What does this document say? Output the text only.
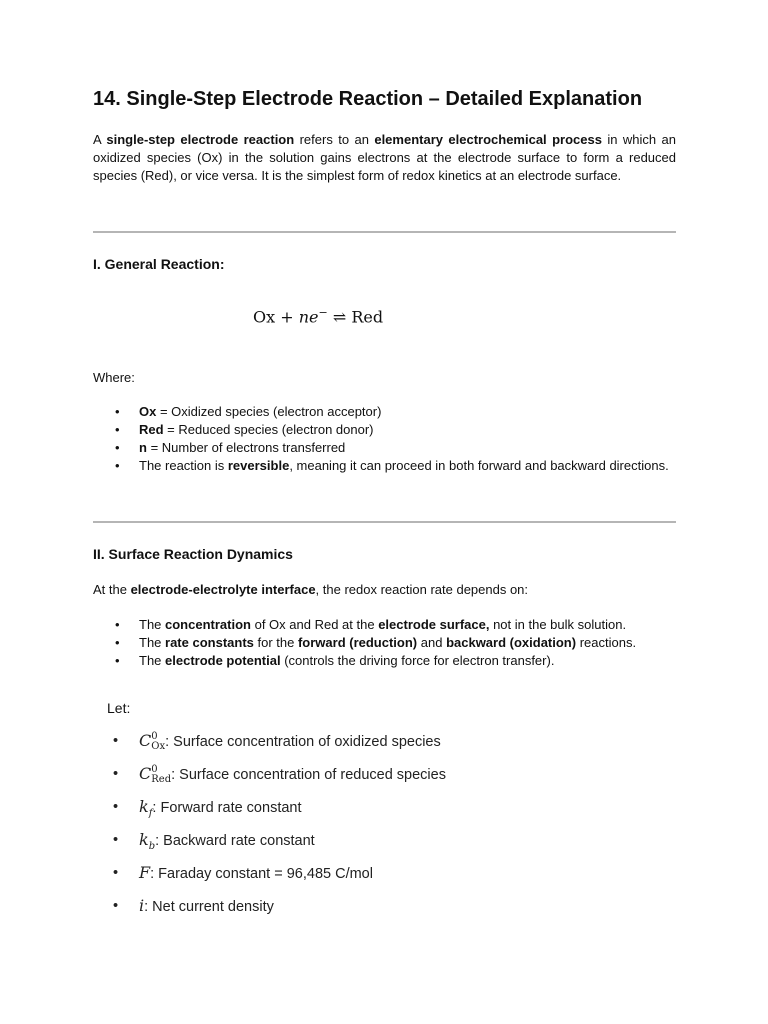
14. Single-Step Electrode Reaction – Detailed Explanation

A single-step electrode reaction refers to an elementary electrochemical process in which an oxidized species (Ox) in the solution gains electrons at the electrode surface to form a reduced species (Red), or vice versa. It is the simplest form of redox kinetics at an electrode surface.

I. General Reaction:
Ox + ne− ⇌ Red

Where:

• Ox = Oxidized species (electron acceptor)
• Red = Reduced species (electron donor)
• n = Number of electrons transferred
• The reaction is reversible, meaning it can proceed in both forward and backward directions.
II. Surface Reaction Dynamics

At the electrode-electrolyte interface, the redox reaction rate depends on:

• The concentration of Ox and Red at the electrode surface, not in the bulk solution.
• The rate constants for the forward (reduction) and backward (oxidation) reactions.
• The electrode potential (controls the driving force for electron transfer).

Let:

• C 0
Ox : Surface concentration of oxidized species
• C 0
Red : Surface concentration of reduced species
• $k_f$: Forward rate constant
• $k_b$: Backward rate constant
• F: Faraday constant = 96,485 C/mol
• i: Net current density
